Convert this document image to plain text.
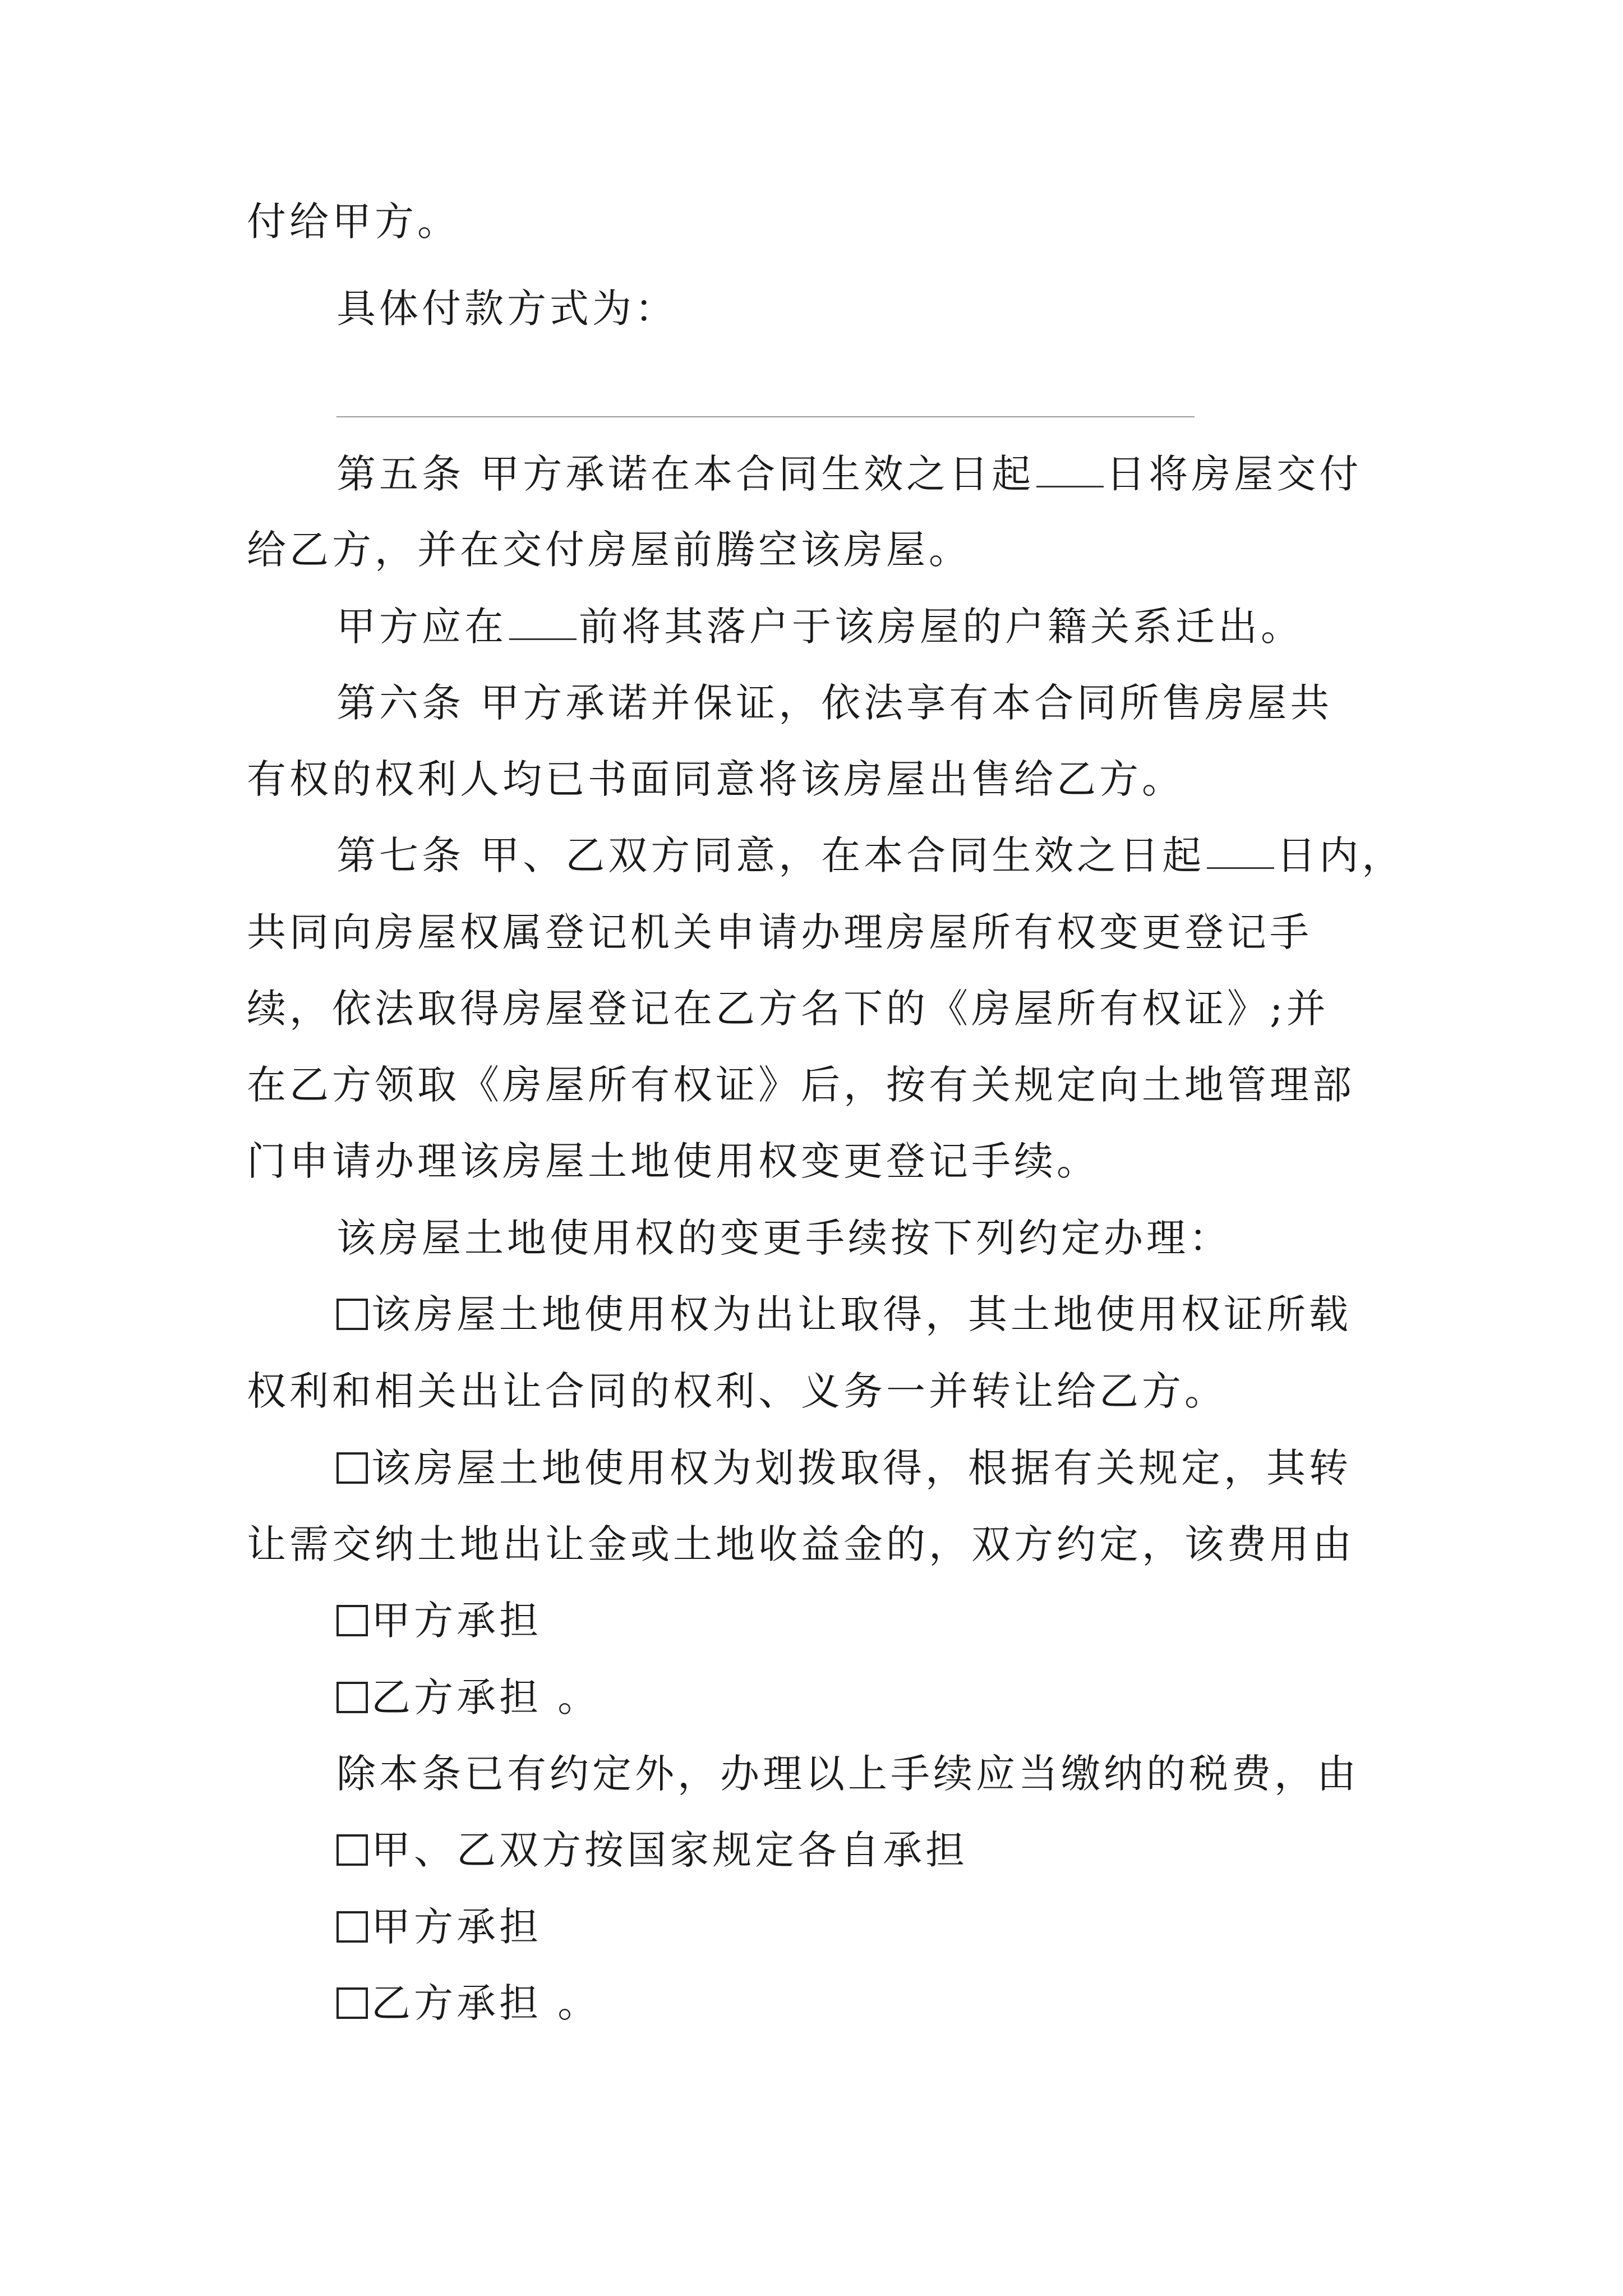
付给甲方。
具体付款方式为：
第五条 甲方承诺在本合同生效之日起 日将房屋交付
给乙方，并在交付房屋前腾空该房屋。
甲方应在 前将其落户于该房屋的户籍关系迁出。
第六条 甲方承诺并保证，依法享有本合同所售房屋共
有权的权利人均已书面同意将该房屋出售给乙方。
第七条 甲、乙双方同意，在本合同生效之日起 日内，
共同向房屋权属登记机关申请办理房屋所有权变更登记手
续，依法取得房屋登记在乙方名下的《房屋所有权证》;并
在乙方领取《房屋所有权证》后，按有关规定向土地管理部
门申请办理该房屋土地使用权变更登记手续。
该房屋土地使用权的变更手续按下列约定办理：
该房屋土地使用权为出让取得，其土地使用权证所载
权利和相关出让合同的权利、义务一并转让给乙方。
该房屋土地使用权为划拨取得，根据有关规定，其转
让需交纳土地出让金或土地收益金的，双方约定，该费用由
甲方承担
乙方承担 。
除本条已有约定外，办理以上手续应当缴纳的税费，由
甲、乙双方按国家规定各自承担
甲方承担
乙方承担 。
